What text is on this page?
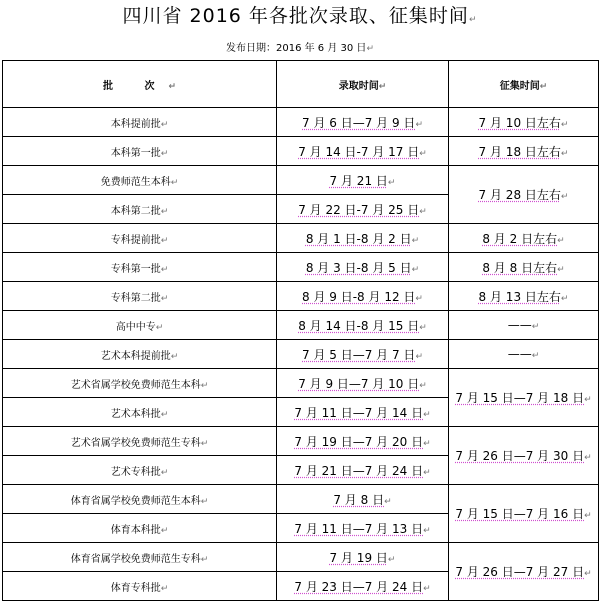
四川省 2016 年各批次录取、征集时间↵
发布日期：2016 年 6 月 30 日↵
批 次↵	录取时间↵	征集时间↵
本科提前批↵	7 月 6 日—7 月 9 日↵	7 月 10 日左右↵
本科第一批↵	7 月 14 日-7 月 17 日↵	7 月 18 日左右↵
免费师范生本科↵	7 月 21 日↵	7 月 28 日左右↵
本科第二批↵	7 月 22 日-7 月 25 日↵	
专科提前批↵	8 月 1 日-8 月 2 日↵	8 月 2 日左右↵
专科第一批↵	8 月 3 日-8 月 5 日↵	8 月 8 日左右↵
专科第二批↵	8 月 9 日-8 月 12 日↵	8 月 13 日左右↵
高中中专↵	8 月 14 日-8 月 15 日↵	——↵
艺术本科提前批↵	7 月 5 日—7 月 7 日↵	——↵
艺术省属学校免费师范生本科↵	7 月 9 日—7 月 10 日↵	7 月 15 日—7 月 18 日↵
艺术本科批↵	7 月 11 日—7 月 14 日↵	
艺术省属学校免费师范生专科↵	7 月 19 日—7 月 20 日↵	7 月 26 日—7 月 30 日↵
艺术专科批↵	7 月 21 日—7 月 24 日↵	
体育省属学校免费师范生本科↵	7 月 8 日↵	7 月 15 日—7 月 16 日↵
体育本科批↵	7 月 11 日—7 月 13 日↵	
体育省属学校免费师范生专科↵	7 月 19 日↵	7 月 26 日—7 月 27 日↵
体育专科批↵	7 月 23 日—7 月 24 日↵	
